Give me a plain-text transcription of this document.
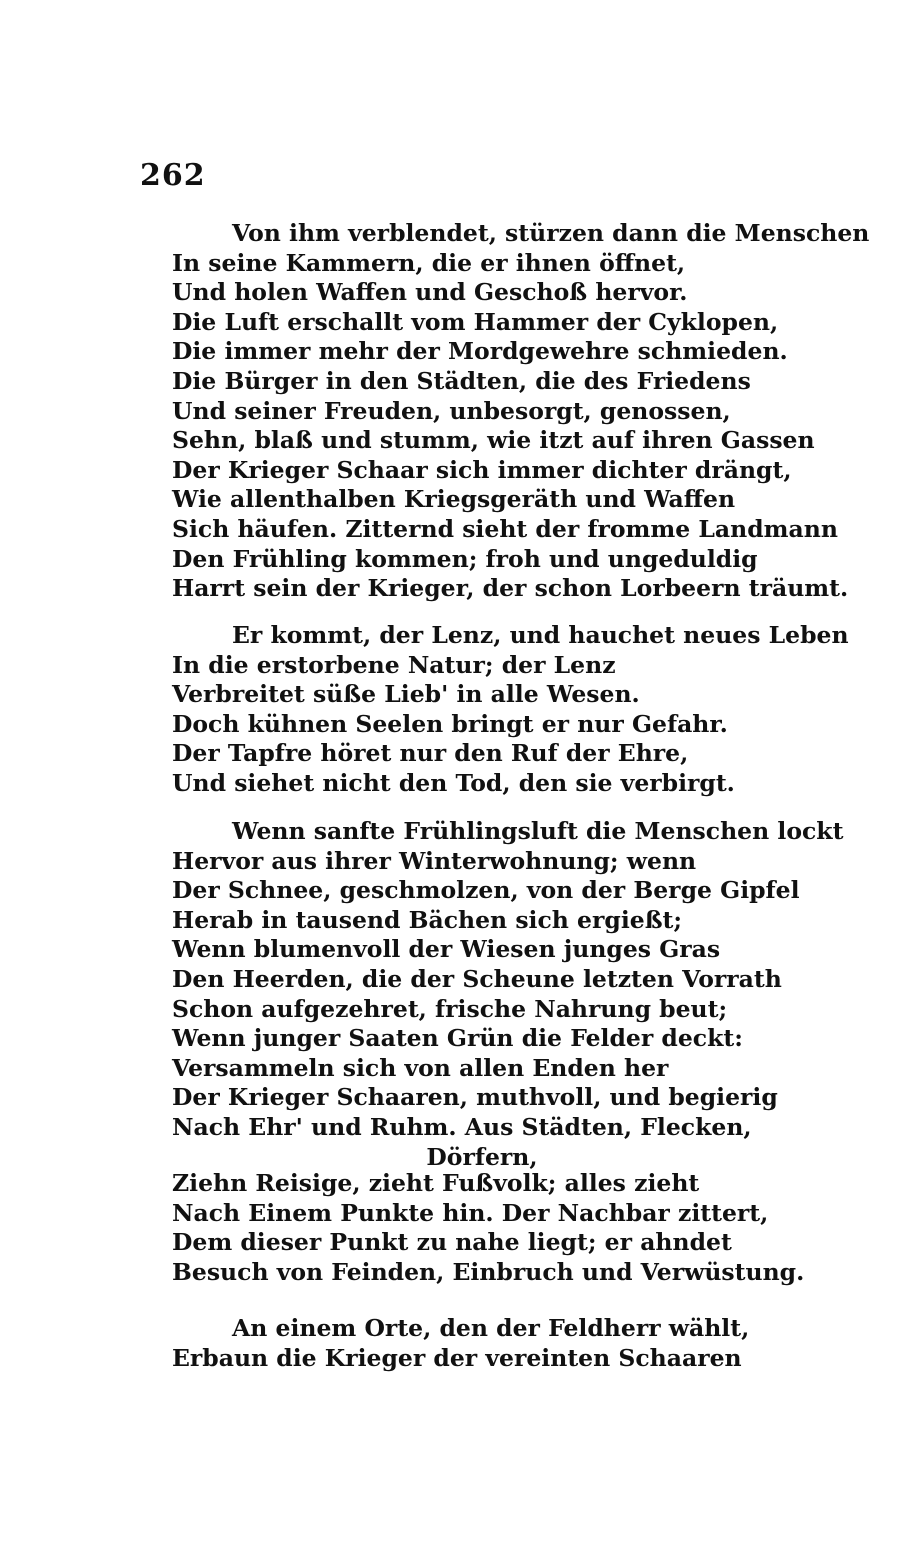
262
Von ihm verblendet, stürzen dann die Menschen
In seine Kammern, die er ihnen öffnet,
Und holen Waffen und Geschoß hervor.
Die Luft erschallt vom Hammer der Cyklopen,
Die immer mehr der Mordgewehre schmieden.
Die Bürger in den Städten, die des Friedens
Und seiner Freuden, unbesorgt, genossen,
Sehn, blaß und stumm, wie itzt auf ihren Gassen
Der Krieger Schaar sich immer dichter drängt,
Wie allenthalben Kriegsgeräth und Waffen
Sich häufen. Zitternd sieht der fromme Landmann
Den Frühling kommen; froh und ungeduldig
Harrt sein der Krieger, der schon Lorbeern träumt.
Er kommt, der Lenz, und hauchet neues Leben
In die erstorbene Natur; der Lenz
Verbreitet süße Lieb' in alle Wesen.
Doch kühnen Seelen bringt er nur Gefahr.
Der Tapfre höret nur den Ruf der Ehre,
Und siehet nicht den Tod, den sie verbirgt.
Wenn sanfte Frühlingsluft die Menschen lockt
Hervor aus ihrer Winterwohnung; wenn
Der Schnee, geschmolzen, von der Berge Gipfel
Herab in tausend Bächen sich ergießt;
Wenn blumenvoll der Wiesen junges Gras
Den Heerden, die der Scheune letzten Vorrath
Schon aufgezehret, frische Nahrung beut;
Wenn junger Saaten Grün die Felder deckt:
Versammeln sich von allen Enden her
Der Krieger Schaaren, muthvoll, und begierig
Nach Ehr' und Ruhm. Aus Städten, Flecken,
Dörfern,
Ziehn Reisige, zieht Fußvolk; alles zieht
Nach Einem Punkte hin. Der Nachbar zittert,
Dem dieser Punkt zu nahe liegt; er ahndet
Besuch von Feinden, Einbruch und Verwüstung.
An einem Orte, den der Feldherr wählt,
Erbaun die Krieger der vereinten Schaaren
